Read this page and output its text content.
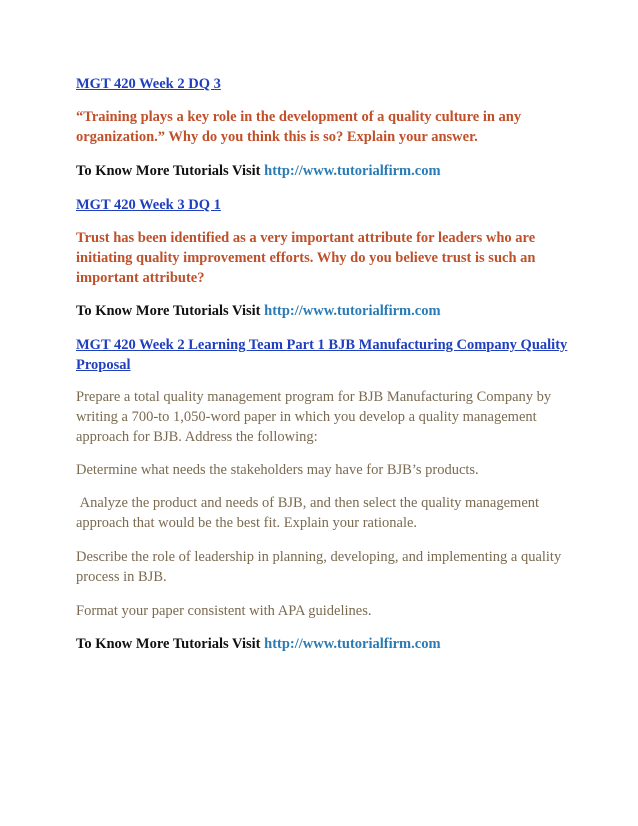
MGT 420 Week 2 DQ 3

“Training plays a key role in the development of a quality culture in any organization.” Why do you think this is so? Explain your answer.

To Know More Tutorials Visit http://www.tutorialfirm.com

MGT 420 Week 3 DQ 1

Trust has been identified as a very important attribute for leaders who are initiating quality improvement efforts. Why do you believe trust is such an important attribute?

To Know More Tutorials Visit http://www.tutorialfirm.com

MGT 420 Week 2 Learning Team Part 1 BJB Manufacturing Company Quality Proposal

Prepare a total quality management program for BJB Manufacturing Company by writing a 700-to 1,050-word paper in which you develop a quality management approach for BJB. Address the following:

Determine what needs the stakeholders may have for BJB’s products.

Analyze the product and needs of BJB, and then select the quality management approach that would be the best fit. Explain your rationale.

Describe the role of leadership in planning, developing, and implementing a quality process in BJB.

Format your paper consistent with APA guidelines.

To Know More Tutorials Visit http://www.tutorialfirm.com
